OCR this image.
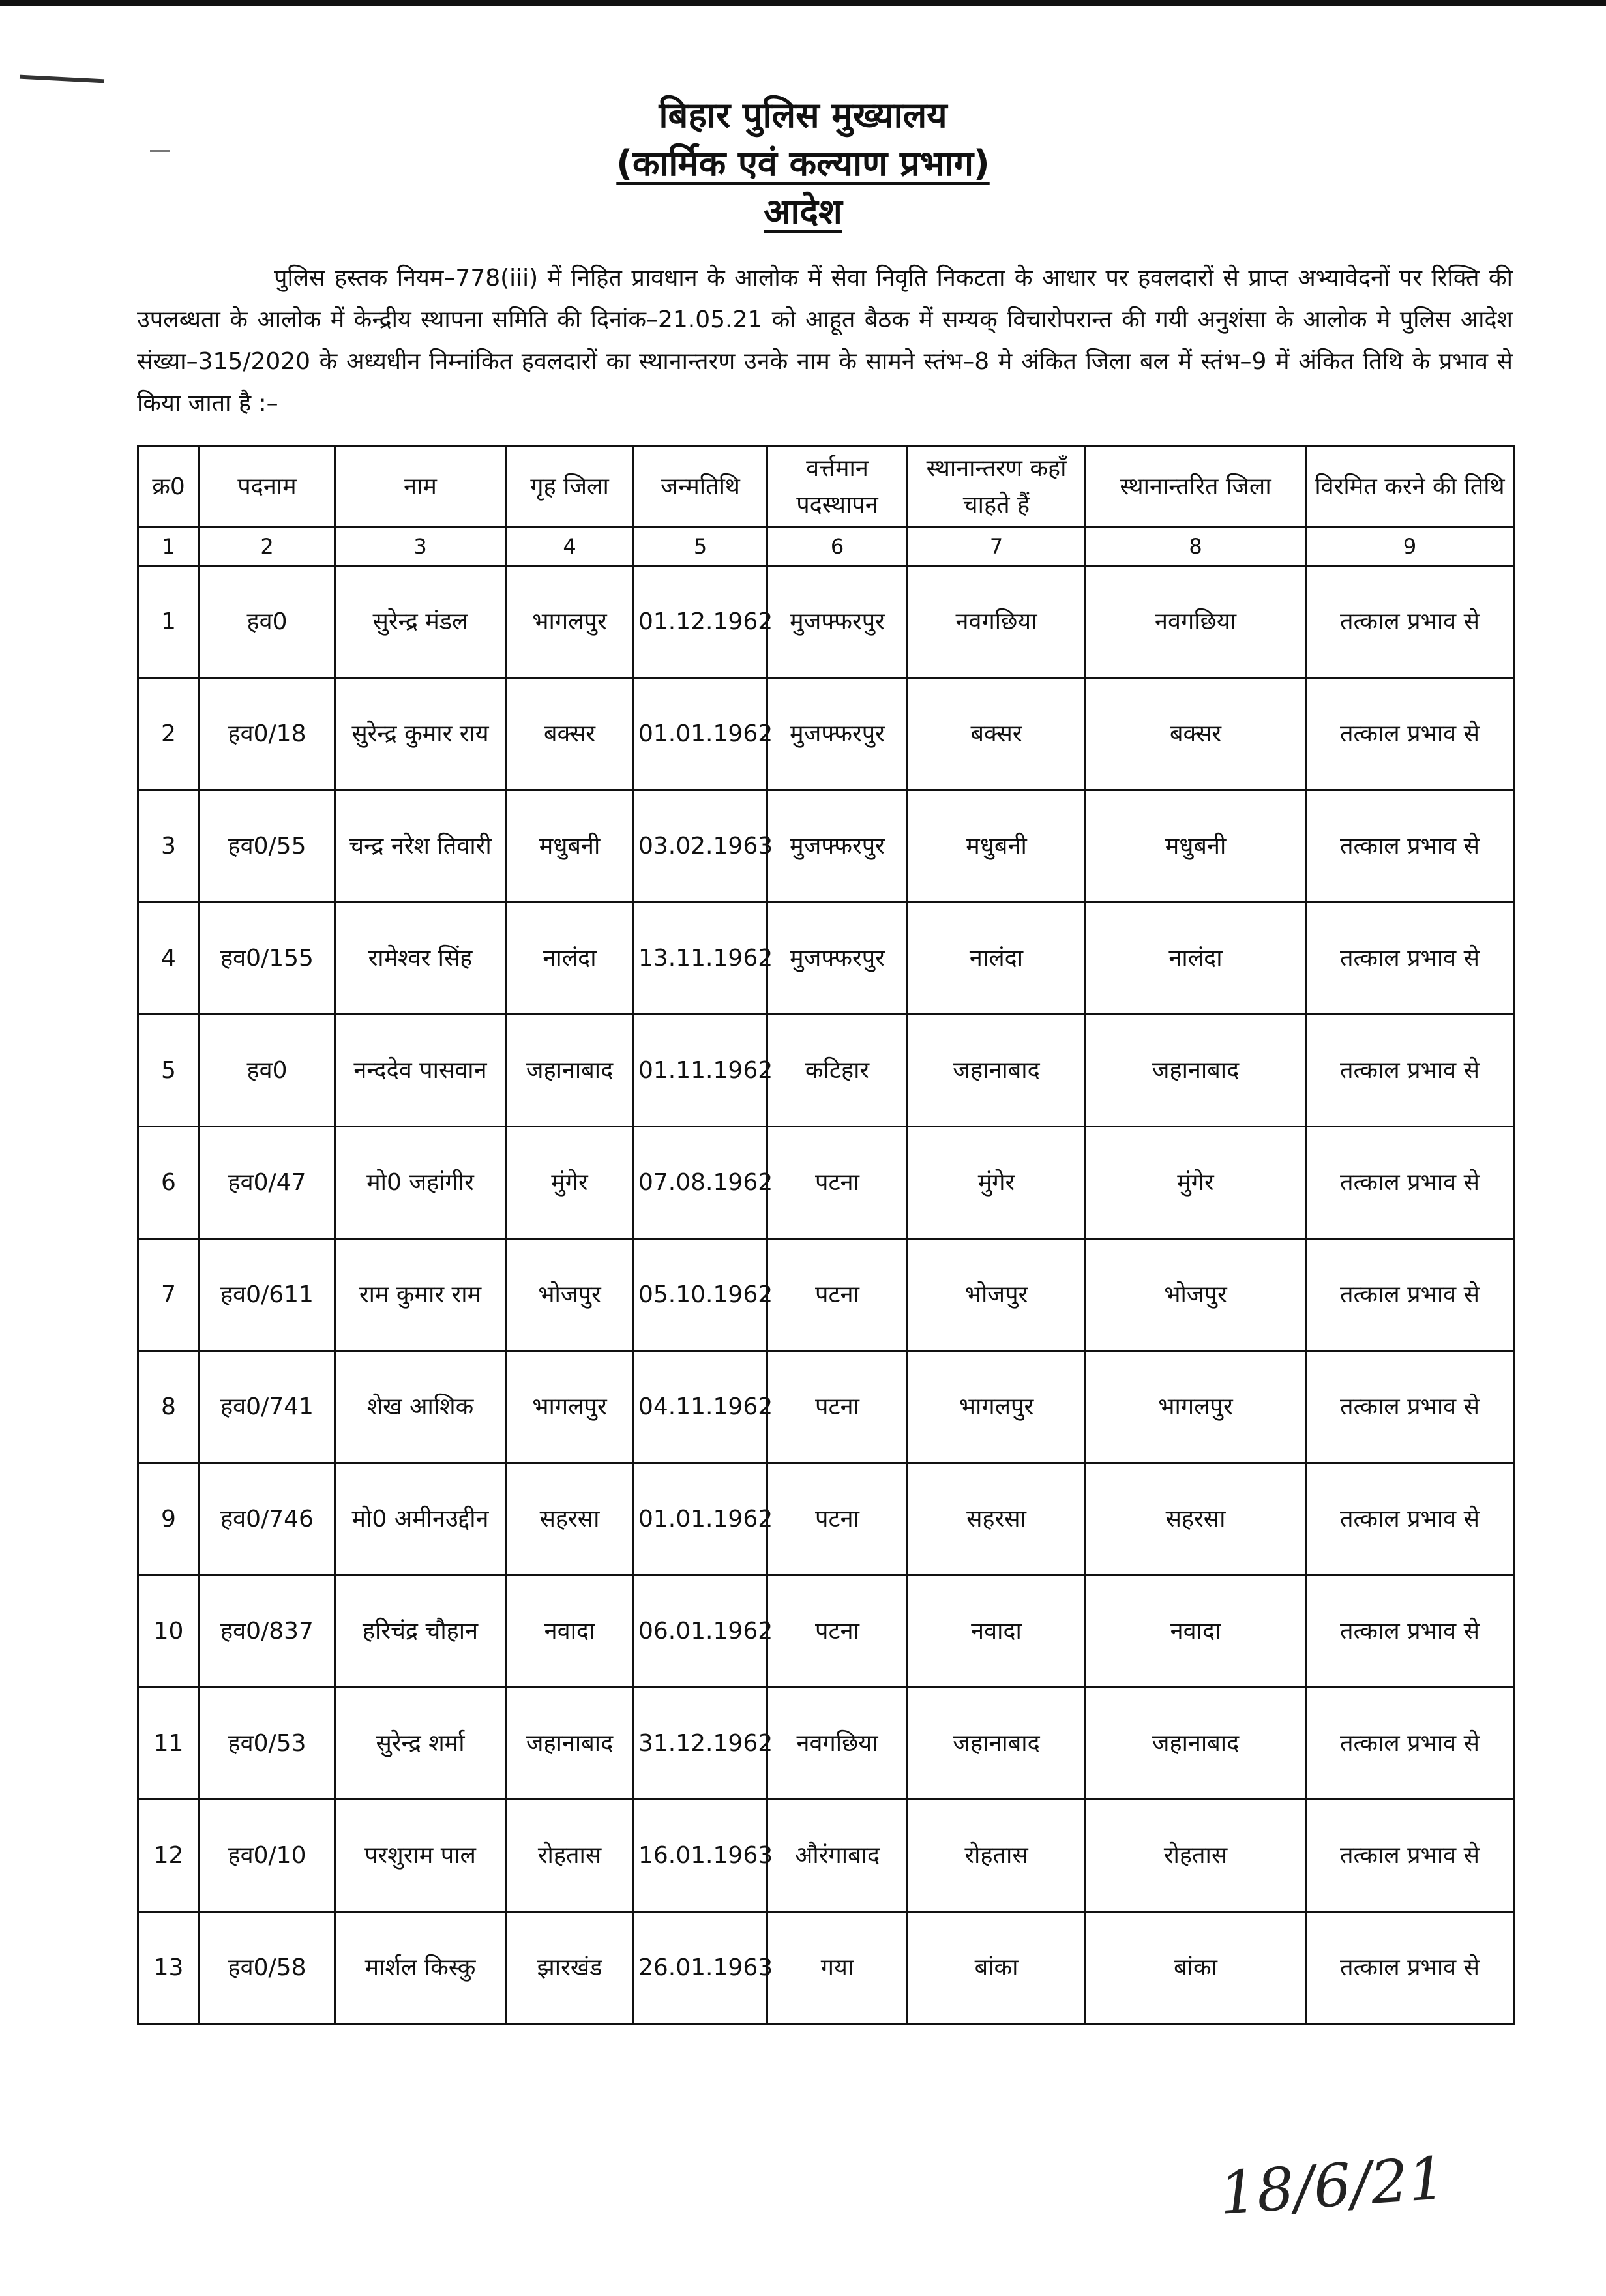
बिहार पुलिस मुख्यालय
(कार्मिक एवं कल्याण प्रभाग)
आदेश
पुलिस हस्तक नियम–778(iii) में निहित प्रावधान के आलोक में सेवा निवृति निकटता के आधार पर हवलदारों से प्राप्त अभ्यावेदनों पर रिक्ति की उपलब्धता के आलोक में केन्द्रीय स्थापना समिति की दिनांक–21.05.21 को आहूत बैठक में सम्यक् विचारोपरान्त की गयी अनुशंसा के आलोक मे पुलिस आदेश संख्या–315/2020 के अध्यधीन निम्नांकित हवलदारों का स्थानान्तरण उनके नाम के सामने स्तंभ–8 मे अंकित जिला बल में स्तंभ–9 में अंकित तिथि के प्रभाव से किया जाता है :–
क्र0	पदनाम	नाम	गृह जिला	जन्मतिथि	वर्त्तमान पदस्थापन	स्थानान्तरण कहाँ चाहते हैं	स्थानान्तरित जिला	विरमित करने की तिथि
1	2	3	4	5	6	7	8	9
1	हव0	सुरेन्द्र मंडल	भागलपुर	01.12.1962	मुजफ्फरपुर	नवगछिया	नवगछिया	तत्काल प्रभाव से
2	हव0/18	सुरेन्द्र कुमार राय	बक्सर	01.01.1962	मुजफ्फरपुर	बक्सर	बक्सर	तत्काल प्रभाव से
3	हव0/55	चन्द्र नरेश तिवारी	मधुबनी	03.02.1963	मुजफ्फरपुर	मधुबनी	मधुबनी	तत्काल प्रभाव से
4	हव0/155	रामेश्वर सिंह	नालंदा	13.11.1962	मुजफ्फरपुर	नालंदा	नालंदा	तत्काल प्रभाव से
5	हव0	नन्ददेव पासवान	जहानाबाद	01.11.1962	कटिहार	जहानाबाद	जहानाबाद	तत्काल प्रभाव से
6	हव0/47	मो0 जहांगीर	मुंगेर	07.08.1962	पटना	मुंगेर	मुंगेर	तत्काल प्रभाव से
7	हव0/611	राम कुमार राम	भोजपुर	05.10.1962	पटना	भोजपुर	भोजपुर	तत्काल प्रभाव से
8	हव0/741	शेख आशिक	भागलपुर	04.11.1962	पटना	भागलपुर	भागलपुर	तत्काल प्रभाव से
9	हव0/746	मो0 अमीनउद्दीन	सहरसा	01.01.1962	पटना	सहरसा	सहरसा	तत्काल प्रभाव से
10	हव0/837	हरिचंद्र चौहान	नवादा	06.01.1962	पटना	नवादा	नवादा	तत्काल प्रभाव से
11	हव0/53	सुरेन्द्र शर्मा	जहानाबाद	31.12.1962	नवगछिया	जहानाबाद	जहानाबाद	तत्काल प्रभाव से
12	हव0/10	परशुराम पाल	रोहतास	16.01.1963	औरंगाबाद	रोहतास	रोहतास	तत्काल प्रभाव से
13	हव0/58	मार्शल किस्कु	झारखंड	26.01.1963	गया	बांका	बांका	तत्काल प्रभाव से
18/6/21
